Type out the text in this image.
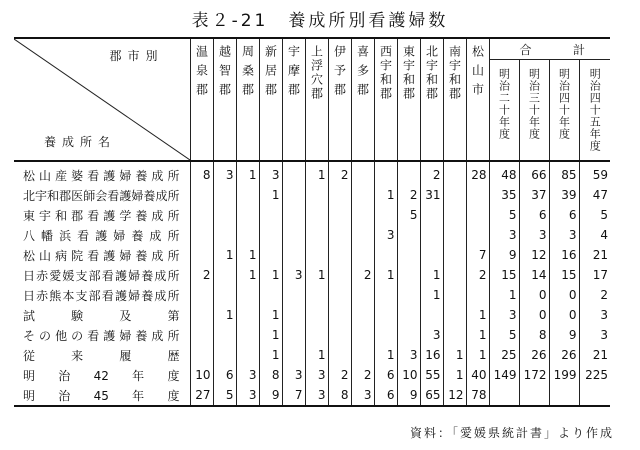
表２-21　養成所別看護婦数
郡市別
養成所名	温泉郡	越智郡	周桑郡	新居郡	宇摩郡	上浮穴郡	伊予郡	喜多郡	西宇和郡	東宇和郡	北宇和郡	南宇和郡	松山市	合 計			

														明治二十年度	明治三十年度	明治四十年度	明治四十五年度

松山産婆看護婦養成所	8	3	1	3		1	2				2		28	48	66	85	59
北宇和郡医師会看護婦養成所				1					1	2	31			35	37	39	47
東宇和郡看護学養成所										5				5	6	6	5
八幡浜看護婦養成所									3					3	3	3	4
松山病院看護婦養成所		1	1										7	9	12	16	21
日赤愛媛支部看護婦養成所	2		1	1	3	1		2	1		1		2	15	14	15	17
日赤熊本支部看護婦養成所											1			1	0	0	2
試験及第		1		1									1	3	0	0	3
その他の看護婦養成所				1							3		1	5	8	9	3
従来履歴				1		1			1	3	16	1	1	25	26	26	21
明治42年度	10	6	3	8	3	3	2	2	6	10	55	1	40	149	172	199	225
明治45年度	27	5	3	9	7	3	8	3	6	9	65	12	78				
資料：「愛媛県統計書」より作成
